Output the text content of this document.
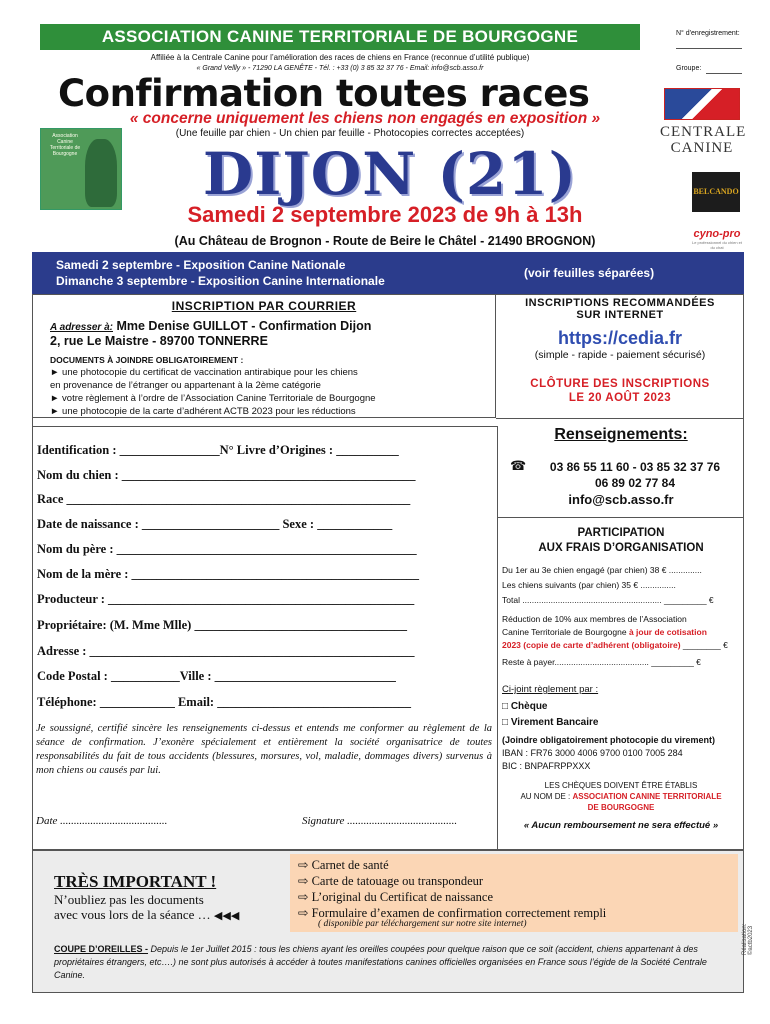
ASSOCIATION CANINE TERRITORIALE DE BOURGOGNE
Affiliée à la Centrale Canine pour l’amélioration des races de chiens en France (reconnue d’utilité publique)
« Grand Vellly » - 71290 LA GENÊTE - Tél. : +33 (0) 3 85 32 37 76 - Email: info@scb.asso.fr
N° d'enregistrement:
Groupe:
Confirmation toutes races
« concerne uniquement les chiens non engagés en exposition »
(Une feuille par chien - Un chien par feuille - Photocopies correctes acceptées)
Association Canine Territoriale de Bourgogne	DIJON (21)
Samedi 2 septembre 2023 de 9h à 13h
(Au Château de Brognon - Route de Beire le Châtel - 21490 BROGNON)
CENTRALE
CANINE
BELCANDO
cyno-pro
Le professionnel du chien et du chat
Samedi 2 septembre - Exposition Canine Nationale
Dimanche 3 septembre - Exposition Canine Internationale
(voir feuilles séparées)
INSCRIPTION PAR COURRIER
A adresser à: Mme Denise GUILLOT - Confirmation Dijon
2, rue Le Maistre - 89700 TONNERRE
DOCUMENTS À JOINDRE OBLIGATOIREMENT :
► une photocopie du certificat de vaccination antirabique pour les chiens
en provenance de l’étranger ou appartenant à la 2ème catégorie
► votre règlement à l’ordre de l’Association Canine Territoriale de Bourgogne
► une photocopie de la carte d’adhérent ACTB 2023 pour les réductions
INSCRIPTIONS RECOMMANDÉES
SUR INTERNET
https://cedia.fr
(simple - rapide - paiement sécurisé)
CLÔTURE DES INSCRIPTIONS
LE 20 AOÛT 2023
Identification : ________________N° Livre d’Origines : __________
Nom du chien : _______________________________________________
Race _______________________________________________________
Date de naissance : ______________________ Sexe : ____________
Nom du père : ________________________________________________
Nom de la mère : ______________________________________________
Producteur : _________________________________________________
Propriétaire: (M. Mme Mlle) __________________________________
Adresse : ____________________________________________________
Code Postal : ___________Ville : _____________________________
Téléphone: ____________ Email: _______________________________
Je soussigné, certifié sincère les renseignements ci-dessus et entends me conformer au règlement de la séance de confirmation. J’exonère spécialement et entièrement la société organisatrice de toutes responsabilités du fait de tous accidents (blessures, morsures, vol, maladie, dommages divers) survenus à mon chiens ou causés par lui.
Date .......................................	Signature ........................................
Renseignements:
☎	03 86 55 11 60 - 03 85 32 37 76
06 89 02 77 84
info@scb.asso.fr
PARTICIPATION
AUX FRAIS D’ORGANISATION
Du 1er au 3e chien engagé (par chien) 38 € ..............
Les chiens suivants (par chien) 35 € ...............
Total ........................................................... _________ €
Réduction de 10% aux membres de l’Association
Canine Territoriale de Bourgogne à jour de cotisation
2023 (copie de carte d’adhérent (obligatoire) ________ €
Reste à payer........................................ _________ €
Ci-joint règlement par :
□ Chèque
□ Virement Bancaire
(Joindre obligatoirement photocopie du virement)
IBAN : FR76 3000 4006 9700 0100 7005 284
BIC : BNPAFRPPXXX
LES CHÈQUES DOIVENT ÊTRE ÉTABLIS
AU NOM DE : ASSOCIATION CANINE TERRITORIALE
DE BOURGOGNE
« Aucun remboursement ne sera effectué »
TRÈS IMPORTANT !
N’oubliez pas les documents
avec vous lors de la séance … ◀◀◀
⇨ Carnet de santé
⇨ Carte de tatouage ou transpondeur
⇨ L’original du Certificat de naissance
⇨ Formulaire d’examen de confirmation correctement rempli
( disponible par téléchargement sur notre site internet)
COUPE D’OREILLES - Depuis le 1er Juillet 2015 : tous les chiens ayant les oreilles coupées pour quelque raison que ce soit (accident, chiens appartenant à des propriétaires étrangers, etc….) ne sont plus autorisés à accéder à toutes manifestations canines officielles organisées en France sous l’égide de la Société Centrale Canine.
Réalisation: ©actb2023
